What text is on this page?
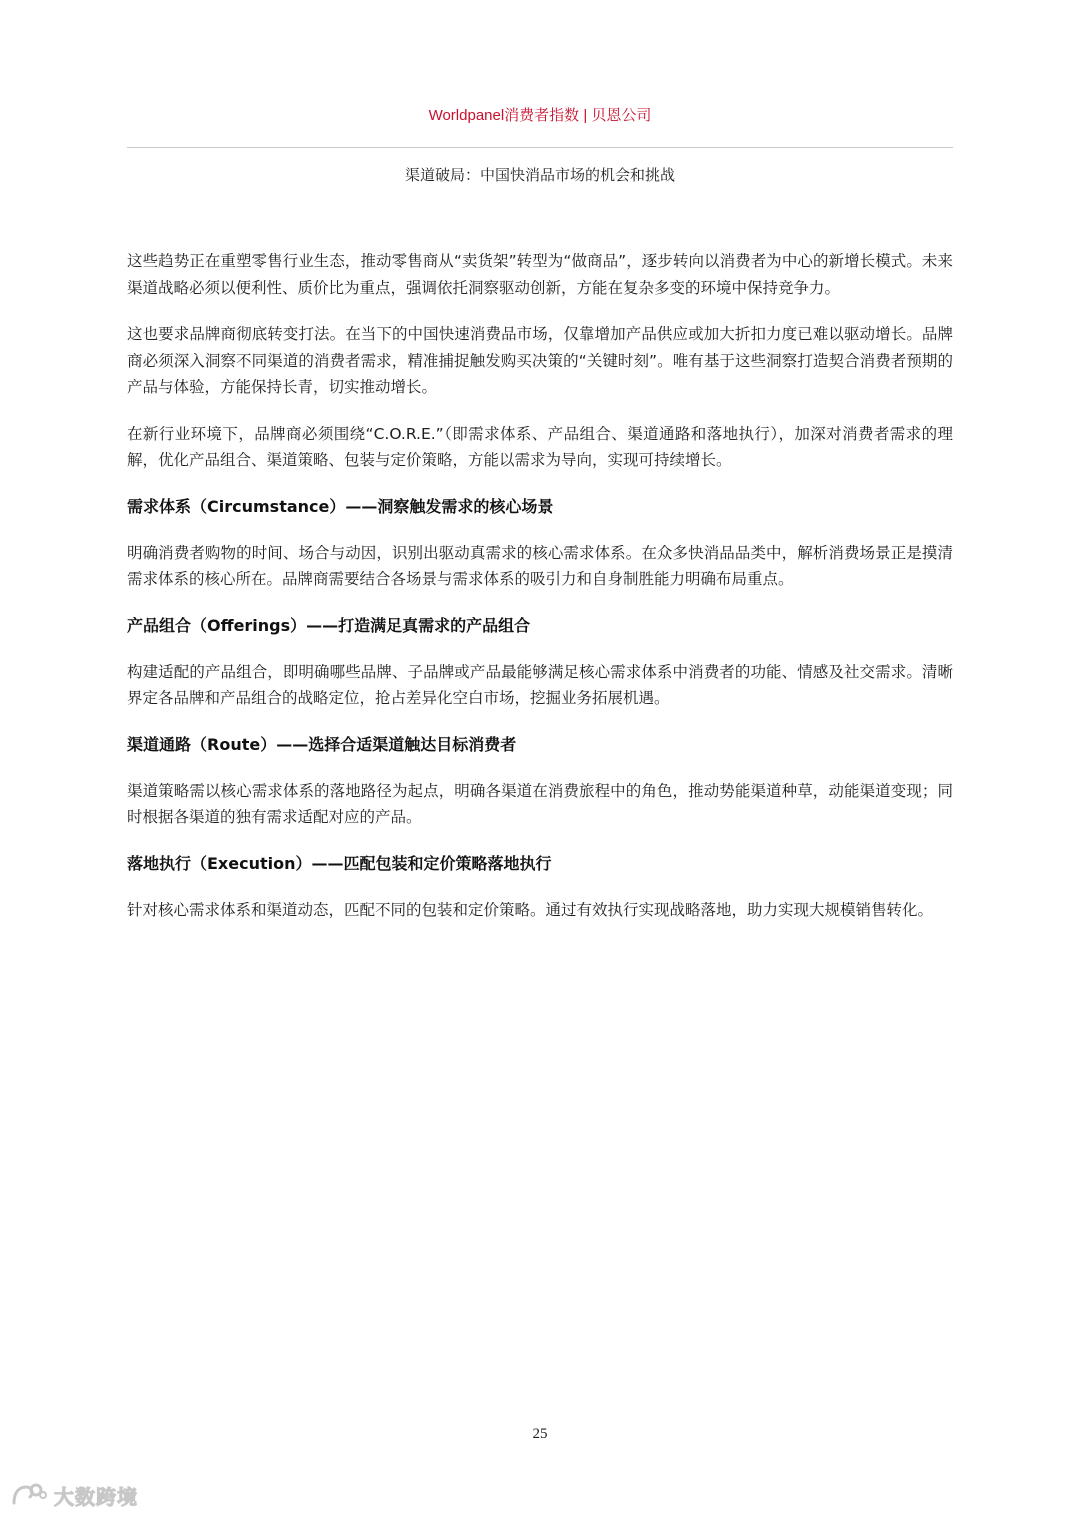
Worldpanel消费者指数 | 贝恩公司
渠道破局：中国快消品市场的机会和挑战

这些趋势正在重塑零售行业生态，推动零售商从“卖货架”转型为“做商品”，逐步转向以消费者为中心的新增长模式。未来渠道战略必须以便利性、质价比为重点，强调依托洞察驱动创新，方能在复杂多变的环境中保持竞争力。

这也要求品牌商彻底转变打法。在当下的中国快速消费品市场，仅靠增加产品供应或加大折扣力度已难以驱动增长。品牌商必须深入洞察不同渠道的消费者需求，精准捕捉触发购买决策的“关键时刻”。唯有基于这些洞察打造契合消费者预期的产品与体验，方能保持长青，切实推动增长。

在新行业环境下，品牌商必须围绕“C.O.R.E.”（即需求体系、产品组合、渠道通路和落地执行），加深对消费者需求的理解，优化产品组合、渠道策略、包装与定价策略，方能以需求为导向，实现可持续增长。

需求体系（Circumstance）——洞察触发需求的核心场景

明确消费者购物的时间、场合与动因，识别出驱动真需求的核心需求体系。在众多快消品品类中，解析消费场景正是摸清需求体系的核心所在。品牌商需要结合各场景与需求体系的吸引力和自身制胜能力明确布局重点。

产品组合（Offerings）——打造满足真需求的产品组合

构建适配的产品组合，即明确哪些品牌、子品牌或产品最能够满足核心需求体系中消费者的功能、情感及社交需求。清晰界定各品牌和产品组合的战略定位，抢占差异化空白市场，挖掘业务拓展机遇。

渠道通路（Route）——选择合适渠道触达目标消费者

渠道策略需以核心需求体系的落地路径为起点，明确各渠道在消费旅程中的角色，推动势能渠道种草，动能渠道变现；同时根据各渠道的独有需求适配对应的产品。

落地执行（Execution）——匹配包装和定价策略落地执行

针对核心需求体系和渠道动态，匹配不同的包装和定价策略。通过有效执行实现战略落地，助力实现大规模销售转化。

25
大数跨境
